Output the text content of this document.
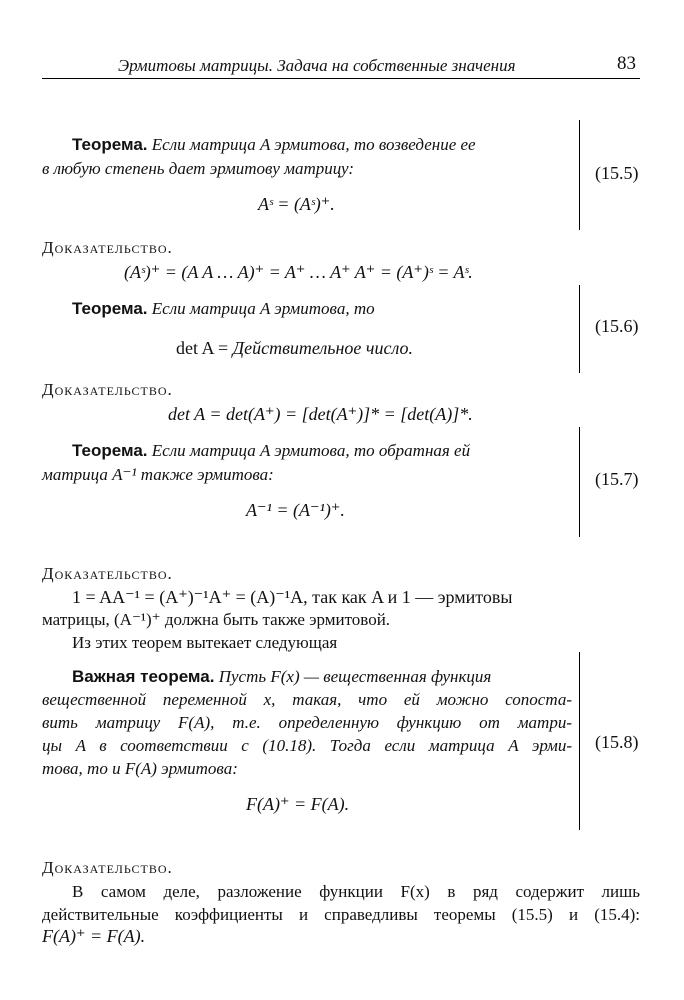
Эрмитовы матрицы. Задача на собственные значения	83
Теорема. Если матрица A эрмитова, то возведение ее
в любую степень дает эрмитову матрицу:
Aˢ = (Aˢ)⁺.
(15.5)
Доказательство.
(Aˢ)⁺ = (A A … A)⁺ = A⁺ … A⁺ A⁺ = (A⁺)ˢ = Aˢ.
Теорема. Если матрица A эрмитова, то
det A = Действительное число.
(15.6)
Доказательство.
det A = det(A⁺) = [det(A⁺)]* = [det(A)]*.
Теорема. Если матрица A эрмитова, то обратная ей
матрица A⁻¹ также эрмитова:
A⁻¹ = (A⁻¹)⁺.
(15.7)
Доказательство.
1 = AA⁻¹ = (A⁺)⁻¹A⁺ = (A)⁻¹A, так как A и 1 — эрмитовы
матрицы, (A⁻¹)⁺ должна быть также эрмитовой.
Из этих теорем вытекает следующая
Важная теорема. Пусть F(x) — вещественная функция
вещественной переменной x, такая, что ей можно сопоста-
вить матрицу F(A), т.е. определенную функцию от матри-
цы A в соответствии с (10.18). Тогда если матрица A эрми-
това, то и F(A) эрмитова:
F(A)⁺ = F(A).
(15.8)
Доказательство.
В самом деле, разложение функции F(x) в ряд содержит лишь
действительные коэффициенты и справедливы теоремы (15.5) и (15.4):
F(A)⁺ = F(A).
